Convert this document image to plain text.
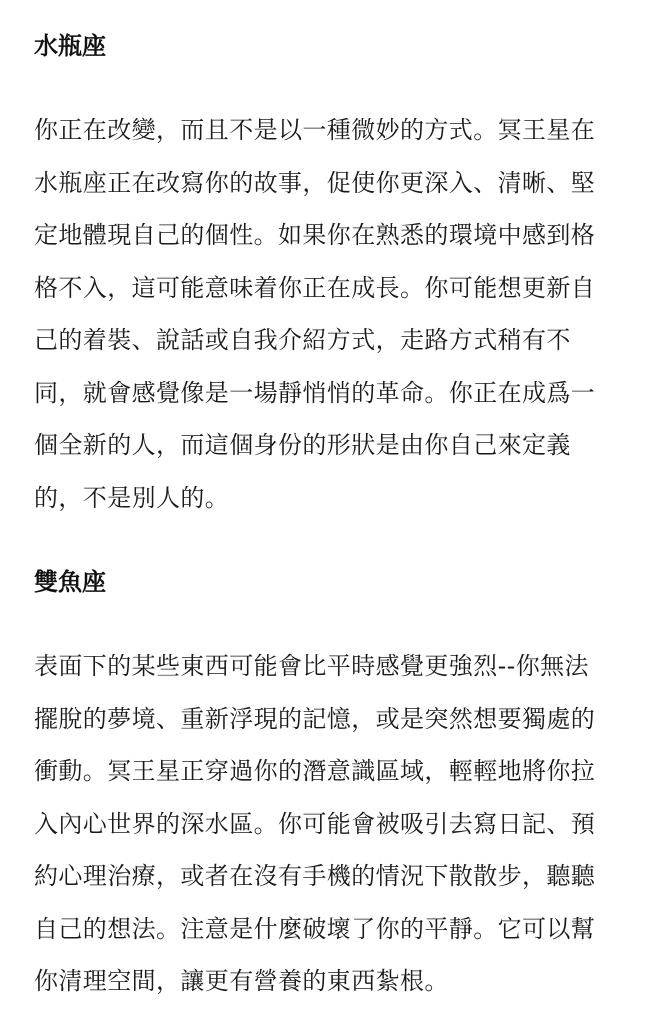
水瓶座
你正在改變，而且不是以一種微妙的方式。冥王星在
水瓶座正在改寫你的故事，促使你更深入、清晰、堅
定地體現自己的個性。如果你在熟悉的環境中感到格
格不入，這可能意味着你正在成長。你可能想更新自
己的着裝、說話或自我介紹方式，走路方式稍有不
同，就會感覺像是一場靜悄悄的革命。你正在成爲一
個全新的人，而這個身份的形狀是由你自己來定義
的，不是別人的。
雙魚座
表面下的某些東西可能會比平時感覺更強烈--你無法
擺脫的夢境、重新浮現的記憶，或是突然想要獨處的
衝動。冥王星正穿過你的潛意識區域，輕輕地將你拉
入內心世界的深水區。你可能會被吸引去寫日記、預
約心理治療，或者在沒有手機的情況下散散步，聽聽
自己的想法。注意是什麼破壞了你的平靜。它可以幫
你清理空間，讓更有營養的東西紮根。
